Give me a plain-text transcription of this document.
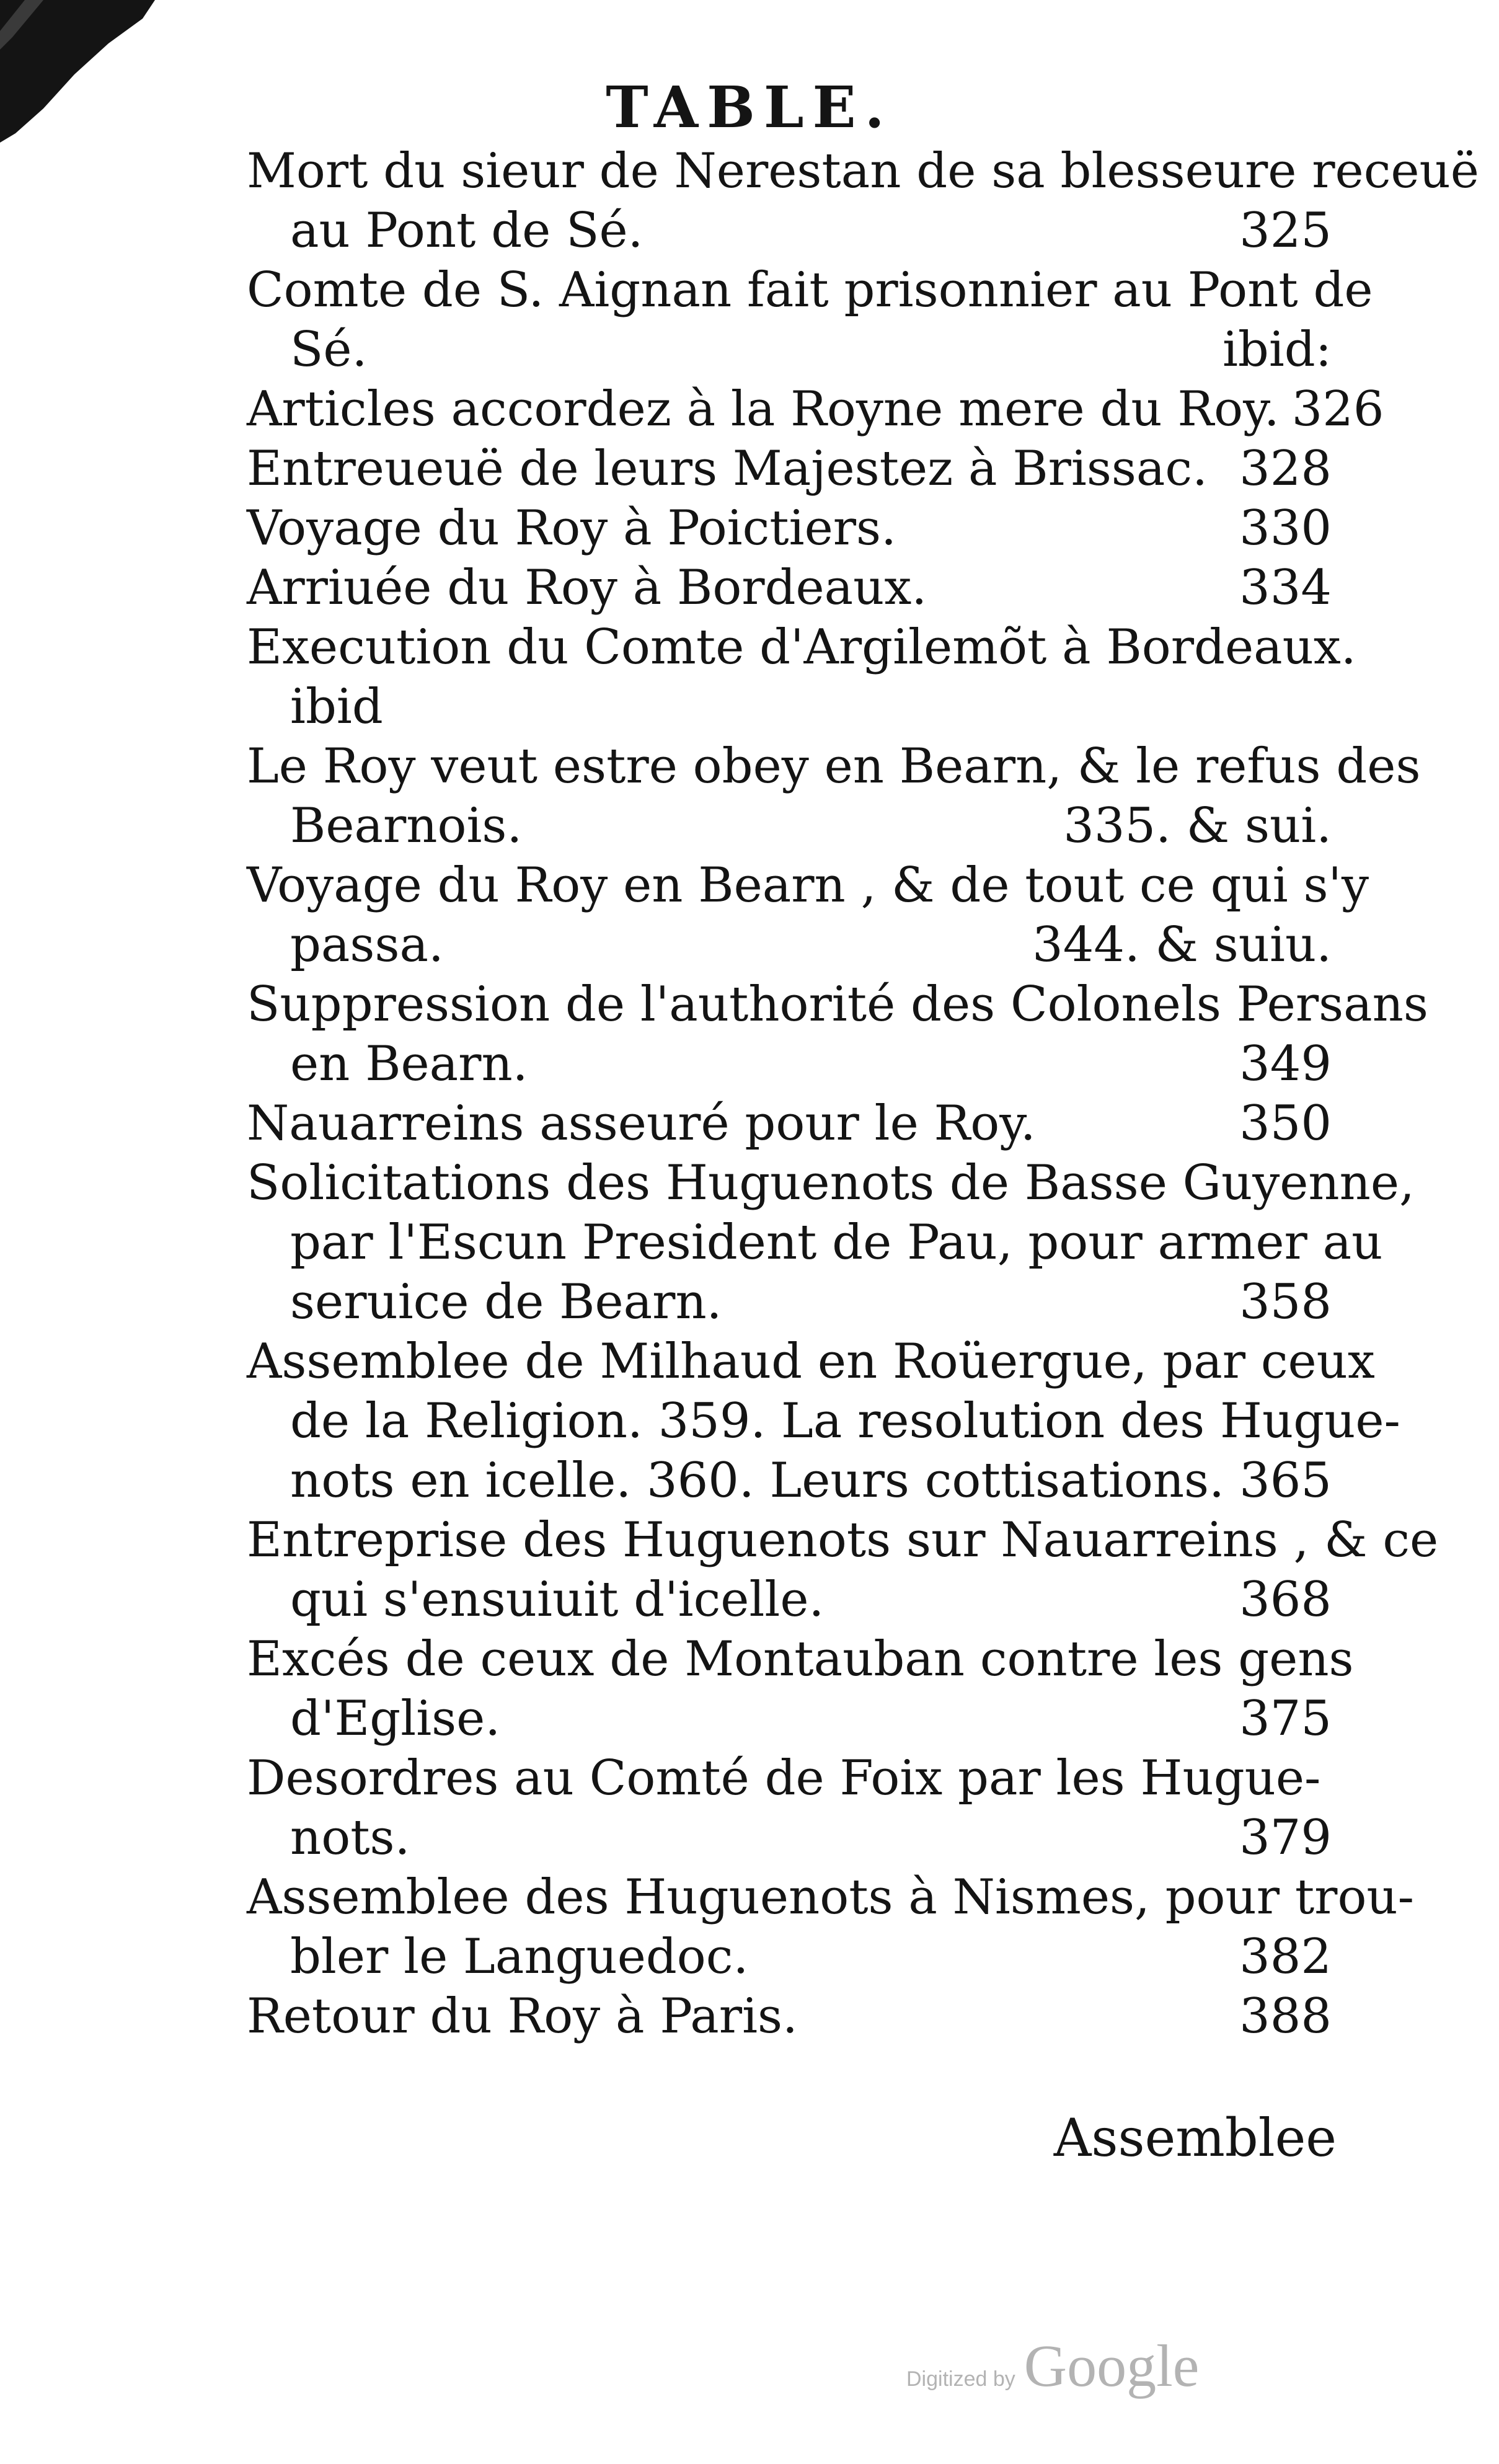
TABLE.
Mort du sieur de Nerestan de sa blesseure receuë
au Pont de Sé.	325
Comte de S. Aignan fait prisonnier au Pont de
Sé.	ibid:
Articles accordez à la Royne mere du Roy. 326
Entreueuë de leurs Majestez à Brissac. 328
Voyage du Roy à Poictiers.	330
Arriuée du Roy à Bordeaux.	334
Execution du Comte d'Argilemõt à Bordeaux.
ibid
Le Roy veut estre obey en Bearn, & le refus des
Bearnois.	335. & sui.
Voyage du Roy en Bearn , & de tout ce qui s'y
passa.	344. & suiu.
Suppression de l'authorité des Colonels Persans
en Bearn.	349
Nauarreins asseuré pour le Roy.	350
Solicitations des Huguenots de Basse Guyenne,
par l'Escun President de Pau, pour armer au
seruice de Bearn.	358
Assemblee de Milhaud en Roüergue, par ceux
de la Religion. 359. La resolution des Hugue-
nots en icelle. 360. Leurs cottisations. 365
Entreprise des Huguenots sur Nauarreins , & ce
qui s'ensuiuit d'icelle.	368
Excés de ceux de Montauban contre les gens
d'Eglise.	375
Desordres au Comté de Foix par les Hugue-
nots.	379
Assemblee des Huguenots à Nismes, pour trou-
bler le Languedoc.	382
Retour du Roy à Paris.	388
Assemblee
Digitized by Google
